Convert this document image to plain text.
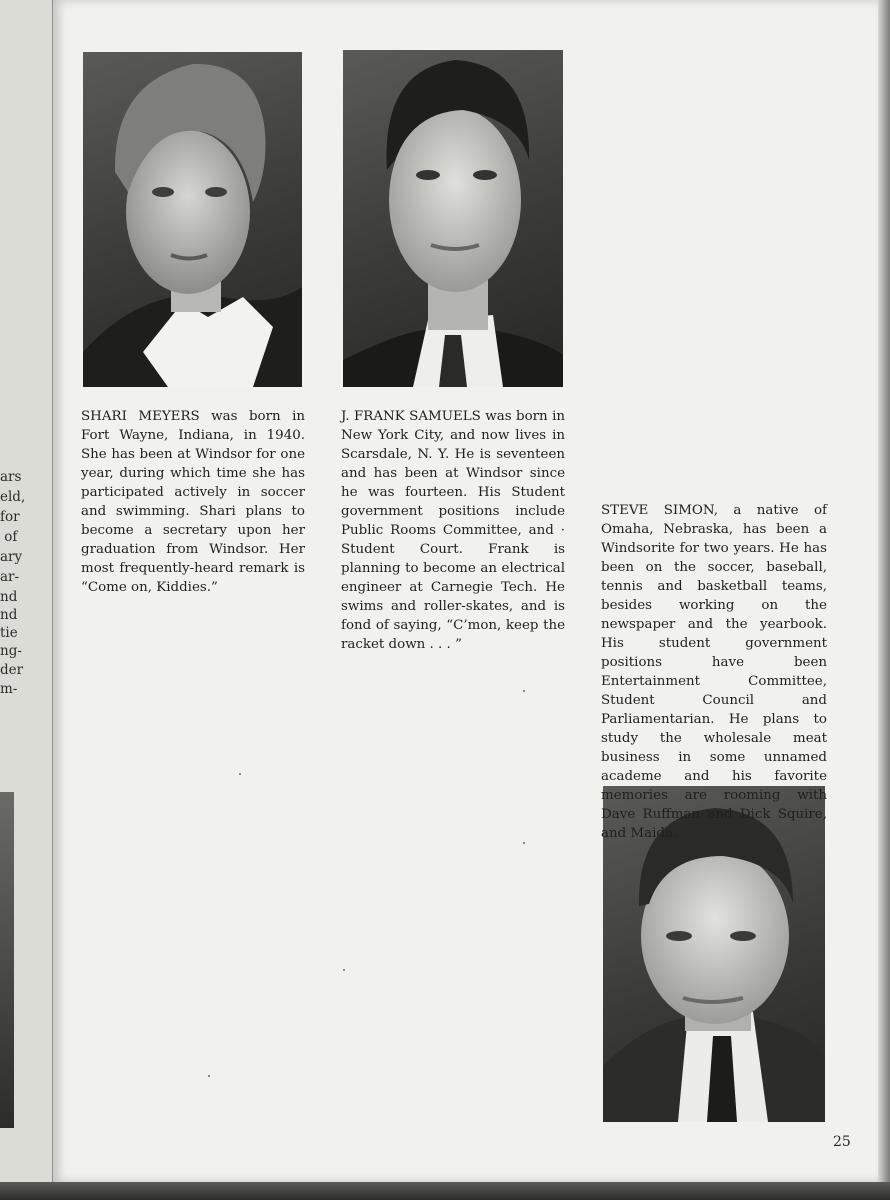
ars
eld,
for
of
ary
ar-
nd
nd
tie
ng-
der
m-

SHARI MEYERS was born in Fort Wayne, Indiana, in 1940. She has been at Windsor for one year, during which time she has participated actively in soccer and swimming. Shari plans to become a secretary upon her graduation from Windsor. Her most frequently-heard remark is “Come on, Kiddies.”

J. FRANK SAMUELS was born in New York City, and now lives in Scarsdale, N. Y. He is seventeen and has been at Windsor since he was fourteen. His Student government positions include Public Rooms Committee, and · Student Court. Frank is planning to become an electrical engineer at Carnegie Tech. He swims and roller-skates, and is fond of saying, “C’mon, keep the racket down . . . ”

STEVE SIMON, a native of Omaha, Nebraska, has been a Windsorite for two years. He has been on the soccer, baseball, tennis and basketball teams, besides working on the newspaper and the yearbook. His student government positions have been Entertainment Committee, Student Council and Parliamentarian. He plans to study the wholesale meat business in some unnamed academe and his favorite memories are rooming with Dave Ruffman and Dick Squire, and Maida.

25
